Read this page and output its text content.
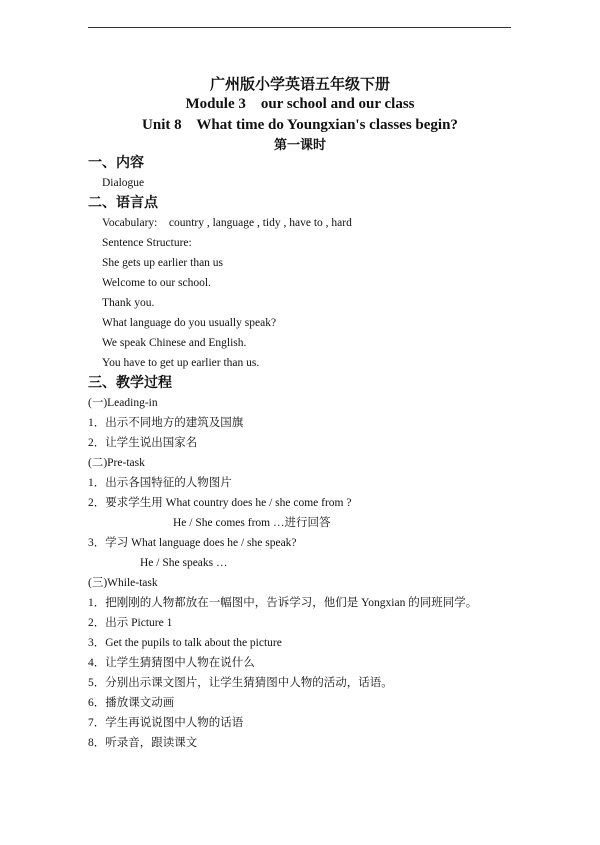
广州版小学英语五年级下册
Module 3    our school and our class
Unit 8    What time do Youngxian's classes begin?
第一课时
一、内容
Dialogue
二、语言点
Vocabulary:    country , language , tidy , have to , hard
Sentence Structure:
She gets up earlier than us
Welcome to our school.
Thank you.
What language do you usually speak?
We speak Chinese and English.
You have to get up earlier than us.
三、教学过程
(一)Leading-in
1．出示不同地方的建筑及国旗
2．让学生说出国家名
(二)Pre-task
1．出示各国特征的人物图片
2．要求学生用 What country does he / she come from ?
He / She comes from …进行回答
3．学习 What language does he / she speak?
He / She speaks …
(三)While-task
1．把刚刚的人物都放在一幅图中，告诉学习，他们是 Yongxian 的同班同学。
2．出示 Picture 1
3．Get the pupils to talk about the picture
4．让学生猜猜图中人物在说什么
5．分别出示课文图片，让学生猜猜图中人物的活动，话语。
6．播放课文动画
7．学生再说说图中人物的话语
8．听录音，跟读课文
